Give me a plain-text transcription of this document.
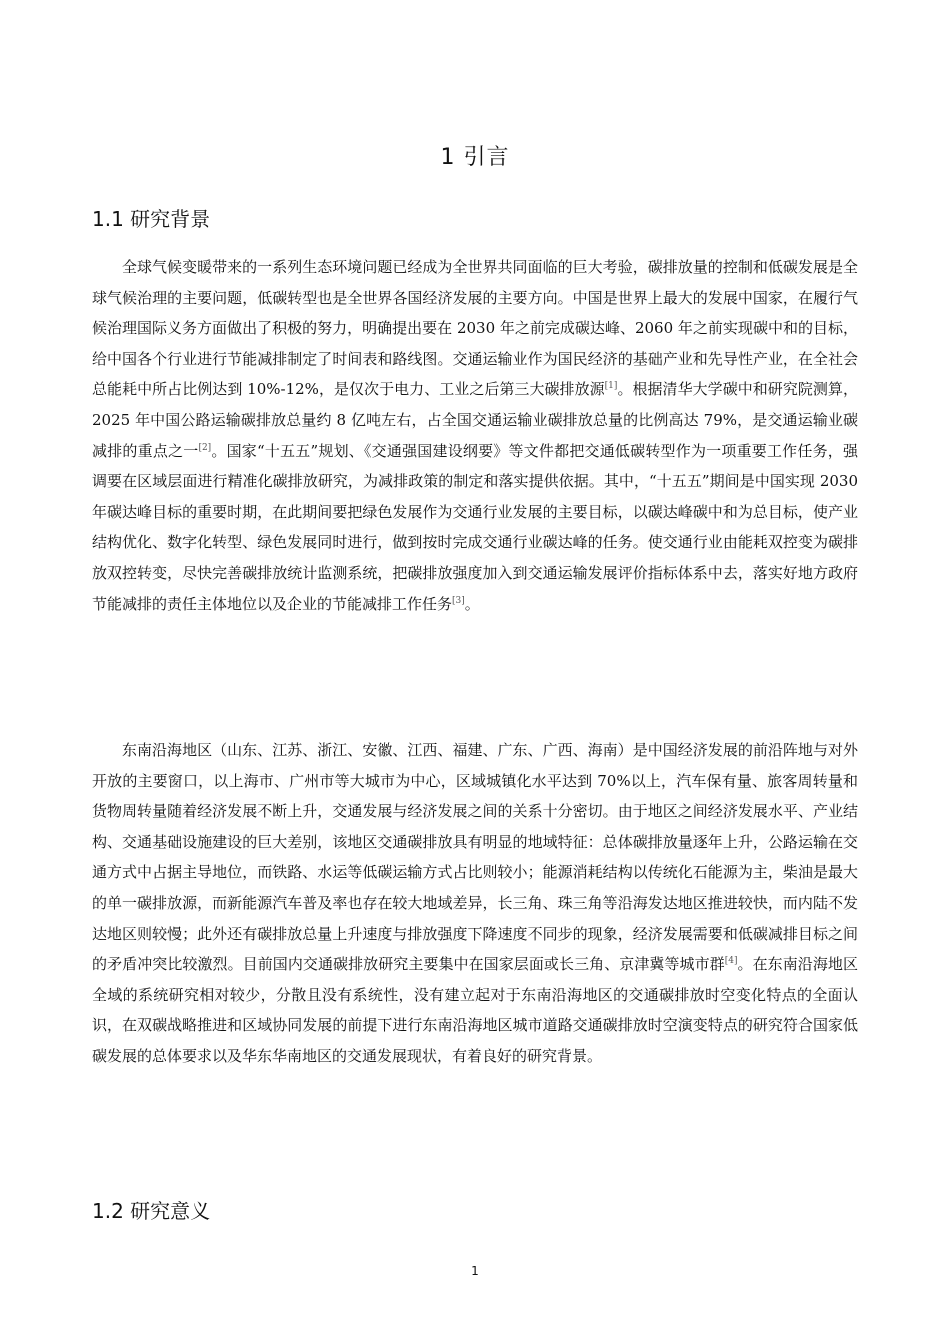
1 引言
1.1 研究背景

全球气候变暖带来的一系列生态环境问题已经成为全世界共同面临的巨大考验，碳排放量的控制和低碳发展是全球气候治理的主要问题，低碳转型也是全世界各国经济发展的主要方向。中国是世界上最大的发展中国家，在履行气候治理国际义务方面做出了积极的努力，明确提出要在 2030 年之前完成碳达峰、2060 年之前实现碳中和的目标，给中国各个行业进行节能减排制定了时间表和路线图。交通运输业作为国民经济的基础产业和先导性产业，在全社会总能耗中所占比例达到 10%-12%，是仅次于电力、工业之后第三大碳排放源[1]。根据清华大学碳中和研究院测算，2025 年中国公路运输碳排放总量约 8 亿吨左右，占全国交通运输业碳排放总量的比例高达 79%，是交通运输业碳减排的重点之一[2]。国家“十五五”规划、《交通强国建设纲要》等文件都把交通低碳转型作为一项重要工作任务，强调要在区域层面进行精准化碳排放研究，为减排政策的制定和落实提供依据。其中，“十五五”期间是中国实现 2030 年碳达峰目标的重要时期，在此期间要把绿色发展作为交通行业发展的主要目标，以碳达峰碳中和为总目标，使产业结构优化、数字化转型、绿色发展同时进行，做到按时完成交通行业碳达峰的任务。使交通行业由能耗双控变为碳排放双控转变，尽快完善碳排放统计监测系统，把碳排放强度加入到交通运输发展评价指标体系中去，落实好地方政府节能减排的责任主体地位以及企业的节能减排工作任务[3]。

东南沿海地区（山东、江苏、浙江、安徽、江西、福建、广东、广西、海南）是中国经济发展的前沿阵地与对外开放的主要窗口，以上海市、广州市等大城市为中心，区域城镇化水平达到 70%以上，汽车保有量、旅客周转量和货物周转量随着经济发展不断上升，交通发展与经济发展之间的关系十分密切。由于地区之间经济发展水平、产业结构、交通基础设施建设的巨大差别，该地区交通碳排放具有明显的地域特征：总体碳排放量逐年上升，公路运输在交通方式中占据主导地位，而铁路、水运等低碳运输方式占比则较小；能源消耗结构以传统化石能源为主，柴油是最大的单一碳排放源，而新能源汽车普及率也存在较大地域差异，长三角、珠三角等沿海发达地区推进较快，而内陆不发达地区则较慢；此外还有碳排放总量上升速度与排放强度下降速度不同步的现象，经济发展需要和低碳减排目标之间的矛盾冲突比较激烈。目前国内交通碳排放研究主要集中在国家层面或长三角、京津冀等城市群[4]。在东南沿海地区全域的系统研究相对较少，分散且没有系统性，没有建立起对于东南沿海地区的交通碳排放时空变化特点的全面认识，在双碳战略推进和区域协同发展的前提下进行东南沿海地区城市道路交通碳排放时空演变特点的研究符合国家低碳发展的总体要求以及华东华南地区的交通发展现状，有着良好的研究背景。

1.2 研究意义
1
